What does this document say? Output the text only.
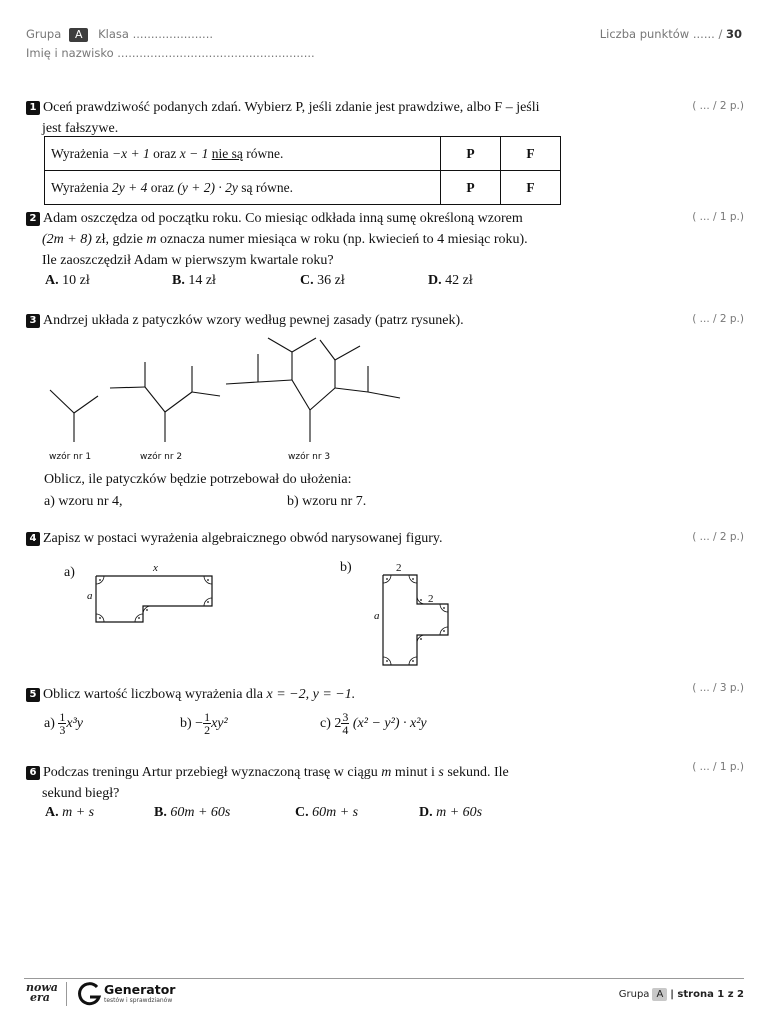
Grupa A Klasa ......................
Imię i nazwisko ......................................................
Liczba punktów ...... / 30
( ... / 2 p.)
1 Oceń prawdziwość podanych zdań. Wybierz P, jeśli zdanie jest prawdziwe, albo F – jeśli
jest fałszywe.
Wyrażenia −x + 1 oraz x − 1 nie są równe.	P	F
Wyrażenia 2y + 4 oraz (y + 2) · 2y są równe.	P	F
( ... / 1 p.)
2 Adam oszczędza od początku roku. Co miesiąc odkłada inną sumę określoną wzorem
(2m + 8) zł, gdzie m oznacza numer miesiąca w roku (np. kwiecień to 4 miesiąc roku).
Ile zaoszczędził Adam w pierwszym kwartale roku?
A. 10 zł	B. 14 zł	C. 36 zł	D. 42 zł
( ... / 2 p.)
3 Andrzej układa z patyczków wzory według pewnej zasady (patrz rysunek).
wzór nr 1	wzór nr 2	wzór nr 3
Oblicz, ile patyczków będzie potrzebował do ułożenia:
a) wzoru nr 4,	b) wzoru nr 7.
( ... / 2 p.)
4 Zapisz w postaci wyrażenia algebraicznego obwód narysowanej figury.
a)	b)
x
a
2
2
a
( ... / 3 p.)
5 Oblicz wartość liczbową wyrażenia dla x = −2, y = −1.
$a) \frac{1}{3} x^3y$	$b) - \frac{1}{2} xy^2$	c) $2 \frac{3}{4} (x^2 - y^2) \cdot x^2y$
( ... / 1 p.)
6 Podczas treningu Artur przebiegł wyznaczoną trasę w ciągu m minut i s sekund. Ile
sekund biegł?
A. m + s	B. 60m + 60s	C. 60m + s	D. m + 60s
nowa
era
Generator
testów i sprawdzianów
Grupa A | strona 1 z 2
